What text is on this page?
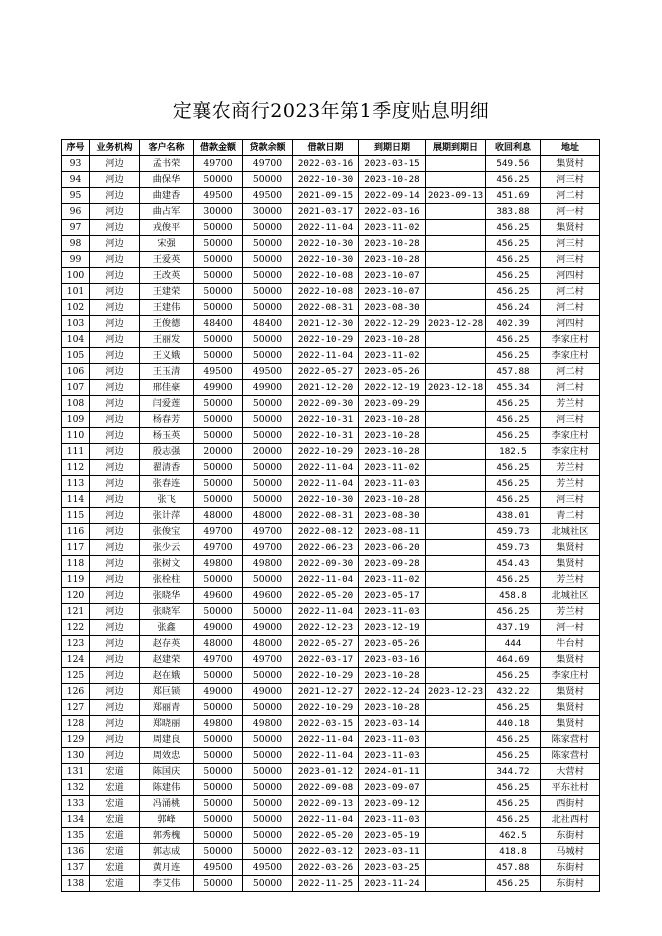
定襄农商行2023年第1季度贴息明细
序号	业务机构	客户名称	借款金额	贷款余额	借款日期	到期日期	展期到期日	收回利息	地址
93	河边	孟书荣	49700	49700	2022-03-16	2023-03-15		549.56	集贤村
94	河边	曲保华	50000	50000	2022-10-30	2023-10-28		456.25	河三村
95	河边	曲建香	49500	49500	2021-09-15	2022-09-14	2023-09-13	451.69	河二村
96	河边	曲占军	30000	30000	2021-03-17	2022-03-16		383.88	河一村
97	河边	戎俊平	50000	50000	2022-11-04	2023-11-02		456.25	集贤村
98	河边	宋强	50000	50000	2022-10-30	2023-10-28		456.25	河三村
99	河边	王爱英	50000	50000	2022-10-30	2023-10-28		456.25	河三村
100	河边	王改英	50000	50000	2022-10-08	2023-10-07		456.25	河四村
101	河边	王建荣	50000	50000	2022-10-08	2023-10-07		456.25	河二村
102	河边	王建伟	50000	50000	2022-08-31	2023-08-30		456.24	河二村
103	河边	王俊德	48400	48400	2021-12-30	2022-12-29	2023-12-28	402.39	河四村
104	河边	王丽发	50000	50000	2022-10-29	2023-10-28		456.25	李家庄村
105	河边	王义娥	50000	50000	2022-11-04	2023-11-02		456.25	李家庄村
106	河边	王玉清	49500	49500	2022-05-27	2023-05-26		457.88	河二村
107	河边	邢佳豪	49900	49900	2021-12-20	2022-12-19	2023-12-18	455.34	河二村
108	河边	闫爱莲	50000	50000	2022-09-30	2023-09-29		456.25	芳兰村
109	河边	杨春芳	50000	50000	2022-10-31	2023-10-28		456.25	河三村
110	河边	杨玉英	50000	50000	2022-10-31	2023-10-28		456.25	李家庄村
111	河边	殷志强	20000	20000	2022-10-29	2023-10-28		182.5	李家庄村
112	河边	翟清香	50000	50000	2022-11-04	2023-11-02		456.25	芳兰村
113	河边	张春连	50000	50000	2022-11-04	2023-11-03		456.25	芳兰村
114	河边	张飞	50000	50000	2022-10-30	2023-10-28		456.25	河三村
115	河边	张计萍	48000	48000	2022-08-31	2023-08-30		438.01	青二村
116	河边	张俊宝	49700	49700	2022-08-12	2023-08-11		459.73	北城社区
117	河边	张少云	49700	49700	2022-06-23	2023-06-20		459.73	集贤村
118	河边	张树文	49800	49800	2022-09-30	2023-09-28		454.43	集贤村
119	河边	张栓柱	50000	50000	2022-11-04	2023-11-02		456.25	芳兰村
120	河边	张晓华	49600	49600	2022-05-20	2023-05-17		458.8	北城社区
121	河边	张晓军	50000	50000	2022-11-04	2023-11-03		456.25	芳兰村
122	河边	张鑫	49000	49000	2022-12-23	2023-12-19		437.19	河一村
123	河边	赵存英	48000	48000	2022-05-27	2023-05-26		444	牛台村
124	河边	赵建荣	49700	49700	2022-03-17	2023-03-16		464.69	集贤村
125	河边	赵在娥	50000	50000	2022-10-29	2023-10-28		456.25	李家庄村
126	河边	郑巨锁	49000	49000	2021-12-27	2022-12-24	2023-12-23	432.22	集贤村
127	河边	郑丽青	50000	50000	2022-10-29	2023-10-28		456.25	集贤村
128	河边	郑晓丽	49800	49800	2022-03-15	2023-03-14		440.18	集贤村
129	河边	周建良	50000	50000	2022-11-04	2023-11-03		456.25	陈家营村
130	河边	周效忠	50000	50000	2022-11-04	2023-11-03		456.25	陈家营村
131	宏道	陈国庆	50000	50000	2023-01-12	2024-01-11		344.72	大营村
132	宏道	陈建伟	50000	50000	2022-09-08	2023-09-07		456.25	平东社村
133	宏道	冯涌桃	50000	50000	2022-09-13	2023-09-12		456.25	西街村
134	宏道	郭峰	50000	50000	2022-11-04	2023-11-03		456.25	北社西村
135	宏道	郭秀槐	50000	50000	2022-05-20	2023-05-19		462.5	东街村
136	宏道	郭志成	50000	50000	2022-03-12	2023-03-11		418.8	马城村
137	宏道	黄月连	49500	49500	2022-03-26	2023-03-25		457.88	东街村
138	宏道	李艾伟	50000	50000	2022-11-25	2023-11-24		456.25	东街村
